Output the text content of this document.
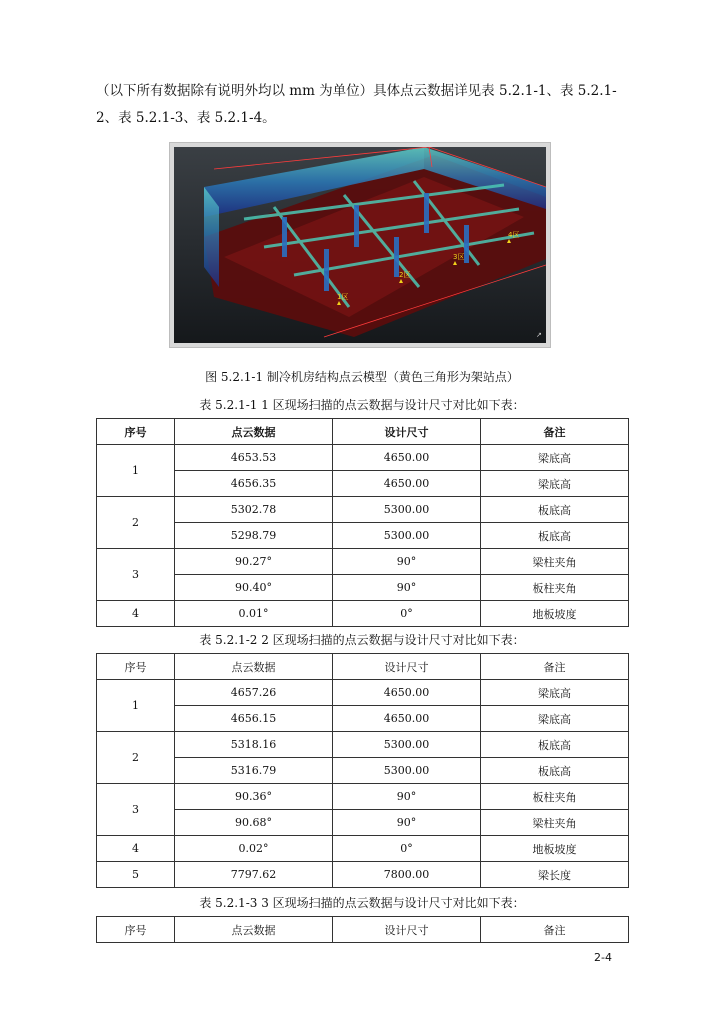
（以下所有数据除有说明外均以 mm 为单位）具体点云数据详见表 5.2.1-1、表 5.2.1-2、表 5.2.1-3、表 5.2.1-4。

4区
3区
2区
1区
↗

图 5.2.1-1 制冷机房结构点云模型（黄色三角形为架站点）

表 5.2.1-1 1 区现场扫描的点云数据与设计尺寸对比如下表：

序号	点云数据	设计尺寸	备注
1	4653.53	4650.00	梁底高
	4656.35	4650.00	梁底高
2	5302.78	5300.00	板底高
	5298.79	5300.00	板底高
3	90.27°	90°	梁柱夹角
	90.40°	90°	板柱夹角
4	0.01°	0°	地板坡度

表 5.2.1-2 2 区现场扫描的点云数据与设计尺寸对比如下表：

序号	点云数据	设计尺寸	备注
1	4657.26	4650.00	梁底高
	4656.15	4650.00	梁底高
2	5318.16	5300.00	板底高
	5316.79	5300.00	板底高
3	90.36°	90°	板柱夹角
	90.68°	90°	梁柱夹角
4	0.02°	0°	地板坡度
5	7797.62	7800.00	梁长度

表 5.2.1-3 3 区现场扫描的点云数据与设计尺寸对比如下表：

序号	点云数据	设计尺寸	备注
2-4
